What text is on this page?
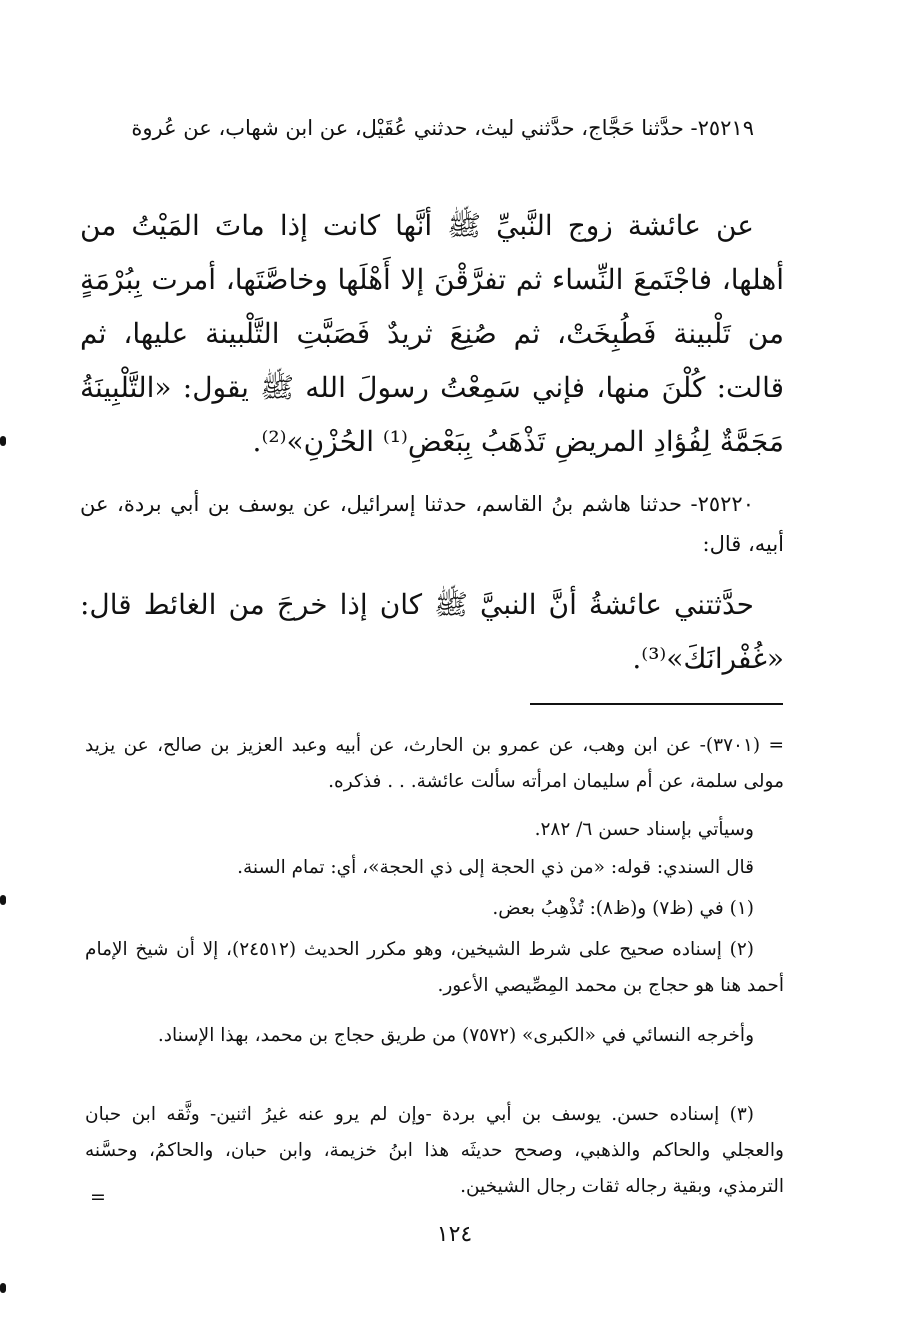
٢٥٢١٩- حدَّثنا حَجَّاج، حدَّثني ليث، حدثني عُقَيْل، عن ابن شهاب، عن عُروة

عن عائشة زوج النَّبيِّ ﷺ أنَّها كانت إذا ماتَ المَيْتُ من أهلها، فاجْتَمعَ النِّساء ثم تفرَّقْنَ إلا أَهْلَها وخاصَّتَها، أمرت بِبُرْمَةٍ من تَلْبينة فَطُبِخَتْ، ثم صُنِعَ ثريدٌ فَصَبَّتِ التَّلْبينة عليها، ثم قالت: كُلْنَ منها، فإني سَمِعْتُ رسولَ الله ﷺ يقول: «التَّلْبِينَةُ مَجَمَّةٌ لِفُؤادِ المريضِ تَذْهَبُ بِبَعْضِ⁽¹⁾ الحُزْنِ»⁽²⁾.

٢٥٢٢٠- حدثنا هاشم بنُ القاسم، حدثنا إسرائيل، عن يوسف بن أبي بردة، عن أبيه، قال:

حدَّثتني عائشةُ أنَّ النبيَّ ﷺ كان إذا خرجَ من الغائط قال: «غُفْرانَكَ»⁽³⁾.

= (٣٧٠١)- عن ابن وهب، عن عمرو بن الحارث، عن أبيه وعبد العزيز بن صالح، عن يزيد مولى سلمة، عن أم سليمان امرأته سألت عائشة. . . فذكره.

وسيأتي بإسناد حسن ٦/ ٢٨٢.

قال السندي: قوله: «من ذي الحجة إلى ذي الحجة»، أي: تمام السنة.

(١) في (ظ٧) و(ظ٨): تُذْهِبُ بعض.

(٢) إسناده صحيح على شرط الشيخين، وهو مكرر الحديث (٢٤٥١٢)، إلا أن شيخ الإمام أحمد هنا هو حجاج بن محمد المِصِّيصي الأعور.

وأخرجه النسائي في «الكبرى» (٧٥٧٢) من طريق حجاج بن محمد، بهذا الإسناد.

(٣) إسناده حسن. يوسف بن أبي بردة -وإن لم يرو عنه غيرُ اثنين- وثَّقه ابن حبان والعجلي والحاكم والذهبي، وصحح حديثَه هذا ابنُ خزيمة، وابن حبان، والحاكمُ، وحسَّنه الترمذي، وبقية رجاله ثقات رجال الشيخين.

=
١٢٤
